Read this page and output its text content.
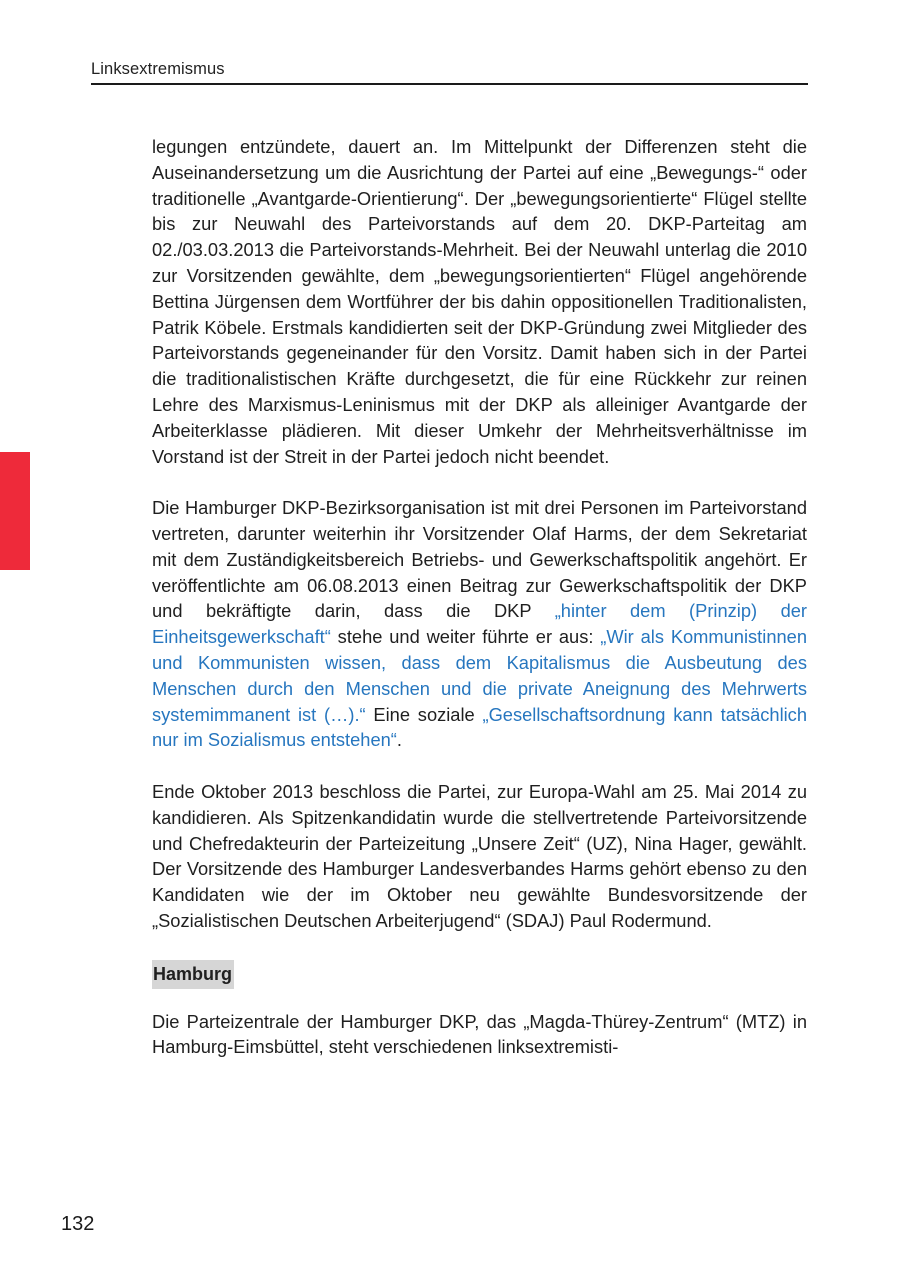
Linksextremismus

legungen entzündete, dauert an. Im Mittelpunkt der Differenzen steht die Auseinandersetzung um die Ausrichtung der Partei auf eine „Bewegungs-“ oder traditionelle „Avantgarde-Orientierung“. Der „bewegungsorientierte“ Flügel stellte bis zur Neuwahl des Parteivorstands auf dem 20. DKP-Parteitag am 02./03.03.2013 die Parteivorstands-Mehrheit. Bei der Neuwahl unterlag die 2010 zur Vorsitzenden gewählte, dem „bewegungsorientierten“ Flügel angehörende Bettina Jürgensen dem Wortführer der bis dahin oppositionellen Traditionalisten, Patrik Köbele. Erstmals kandidierten seit der DKP-Gründung zwei Mitglieder des Parteivorstands gegeneinander für den Vorsitz. Damit haben sich in der Partei die traditionalistischen Kräfte durchgesetzt, die für eine Rückkehr zur reinen Lehre des Marxismus-Leninismus mit der DKP als alleiniger Avantgarde der Arbeiterklasse plädieren. Mit dieser Umkehr der Mehrheitsverhältnisse im Vorstand ist der Streit in der Partei jedoch nicht beendet.

Die Hamburger DKP-Bezirksorganisation ist mit drei Personen im Parteivorstand vertreten, darunter weiterhin ihr Vorsitzender Olaf Harms, der dem Sekretariat mit dem Zuständigkeitsbereich Betriebs- und Gewerkschaftspolitik angehört. Er veröffentlichte am 06.08.2013 einen Beitrag zur Gewerkschaftspolitik der DKP und bekräftigte darin, dass die DKP „hinter dem (Prinzip) der Einheitsgewerkschaft“ stehe und weiter führte er aus: „Wir als Kommunistinnen und Kommunisten wissen, dass dem Kapitalismus die Ausbeutung des Menschen durch den Menschen und die private Aneignung des Mehrwerts systemimmanent ist (…).“ Eine soziale „Gesellschaftsordnung kann tatsächlich nur im Sozialismus entstehen“.

Ende Oktober 2013 beschloss die Partei, zur Europa-Wahl am 25. Mai 2014 zu kandidieren. Als Spitzenkandidatin wurde die stellvertretende Parteivorsitzende und Chefredakteurin der Parteizeitung „Unsere Zeit“ (UZ), Nina Hager, gewählt. Der Vorsitzende des Hamburger Landesverbandes Harms gehört ebenso zu den Kandidaten wie der im Oktober neu gewählte Bundesvorsitzende der „Sozialistischen Deutschen Arbeiterjugend“ (SDAJ) Paul Rodermund.

Hamburg

Die Parteizentrale der Hamburger DKP, das „Magda-Thürey-Zentrum“ (MTZ) in Hamburg-Eimsbüttel, steht verschiedenen linksextremisti-

132
